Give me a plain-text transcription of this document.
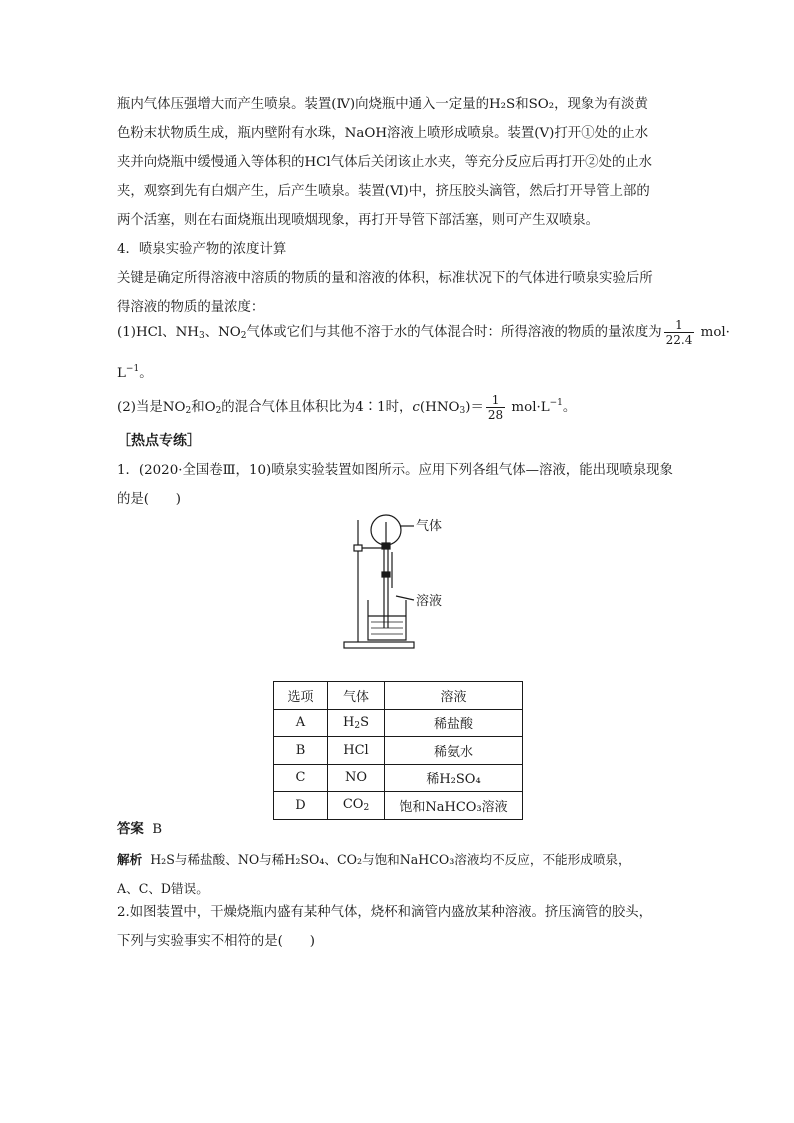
瓶内气体压强增大而产生喷泉。装置(Ⅳ)向烧瓶中通入一定量的H₂S和SO₂，现象为有淡黄
色粉末状物质生成，瓶内壁附有水珠，NaOH溶液上喷形成喷泉。装置(Ⅴ)打开①处的止水
夹并向烧瓶中缓慢通入等体积的HCl气体后关闭该止水夹，等充分反应后再打开②处的止水
夹，观察到先有白烟产生，后产生喷泉。装置(Ⅵ)中，挤压胶头滴管，然后打开导管上部的
两个活塞，则在右面烧瓶出现喷烟现象，再打开导管下部活塞，则可产生双喷泉。
4．喷泉实验产物的浓度计算
关键是确定所得溶液中溶质的物质的量和溶液的体积，标准状况下的气体进行喷泉实验后所
得溶液的物质的量浓度：
(1)HCl、$NH_3$、$NO_2$气体或它们与其他不溶于水的气体混合时：所得溶液的物质的量浓度为 $\frac{1}{22.4} mol\cdot$
$L^{-1}$。
(2)当是$NO_2$和$O_2$的混合气体且体积比为4∶1时，$c(HNO_3)= \frac{1}{28} mol\cdot L^{-1}$。
［热点专练］
1．(2020·全国卷Ⅲ，10)喷泉实验装置如图所示。应用下列各组气体—溶液，能出现喷泉现象
的是(　　)
气体
溶液
选项	气体	溶液
A	$H_2S$	稀盐酸
B	HCl	稀氨水
C	NO	稀H₂SO₄
D	$CO_2$	饱和NaHCO₃溶液
答案 B
解析 H₂S与稀盐酸、NO与稀H₂SO₄、CO₂与饱和NaHCO₃溶液均不反应，不能形成喷泉，
A、C、D错误。
2.如图装置中，干燥烧瓶内盛有某种气体，烧杯和滴管内盛放某种溶液。挤压滴管的胶头，
下列与实验事实不相符的是(　　)
